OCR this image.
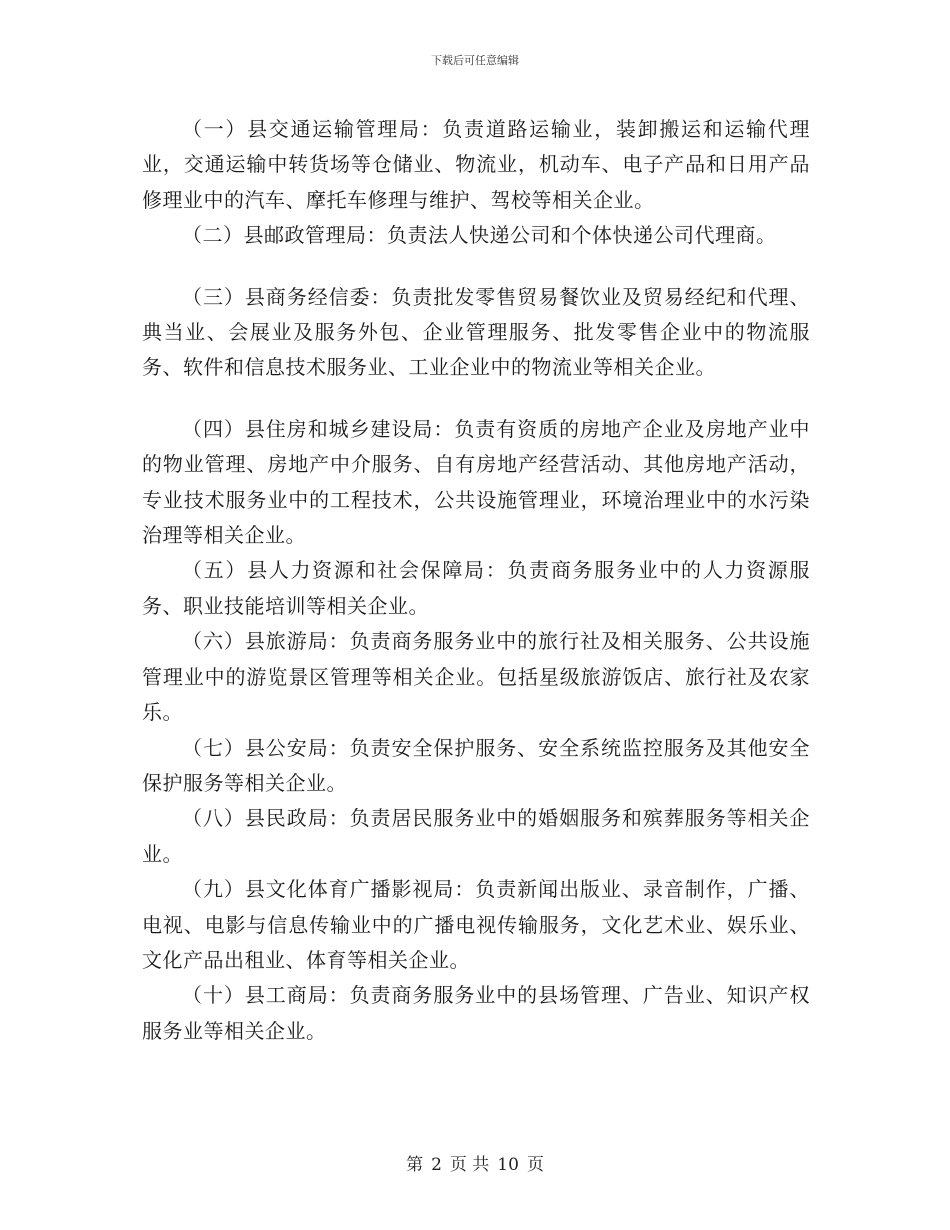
下载后可任意编辑

（一）县交通运输管理局：负责道路运输业，装卸搬运和运输代理业，交通运输中转货场等仓储业、物流业，机动车、电子产品和日用产品修理业中的汽车、摩托车修理与维护、驾校等相关企业。

（二）县邮政管理局：负责法人快递公司和个体快递公司代理商。

（三）县商务经信委：负责批发零售贸易餐饮业及贸易经纪和代理、典当业、会展业及服务外包、企业管理服务、批发零售企业中的物流服务、软件和信息技术服务业、工业企业中的物流业等相关企业。

（四）县住房和城乡建设局：负责有资质的房地产企业及房地产业中的物业管理、房地产中介服务、自有房地产经营活动、其他房地产活动，专业技术服务业中的工程技术，公共设施管理业，环境治理业中的水污染治理等相关企业。

（五）县人力资源和社会保障局：负责商务服务业中的人力资源服务、职业技能培训等相关企业。

（六）县旅游局：负责商务服务业中的旅行社及相关服务、公共设施管理业中的游览景区管理等相关企业。包括星级旅游饭店、旅行社及农家乐。

（七）县公安局：负责安全保护服务、安全系统监控服务及其他安全保护服务等相关企业。

（八）县民政局：负责居民服务业中的婚姻服务和殡葬服务等相关企业。

（九）县文化体育广播影视局：负责新闻出版业、录音制作，广播、电视、电影与信息传输业中的广播电视传输服务，文化艺术业、娱乐业、文化产品出租业、体育等相关企业。

（十）县工商局：负责商务服务业中的县场管理、广告业、知识产权服务业等相关企业。

第 2 页 共 10 页
